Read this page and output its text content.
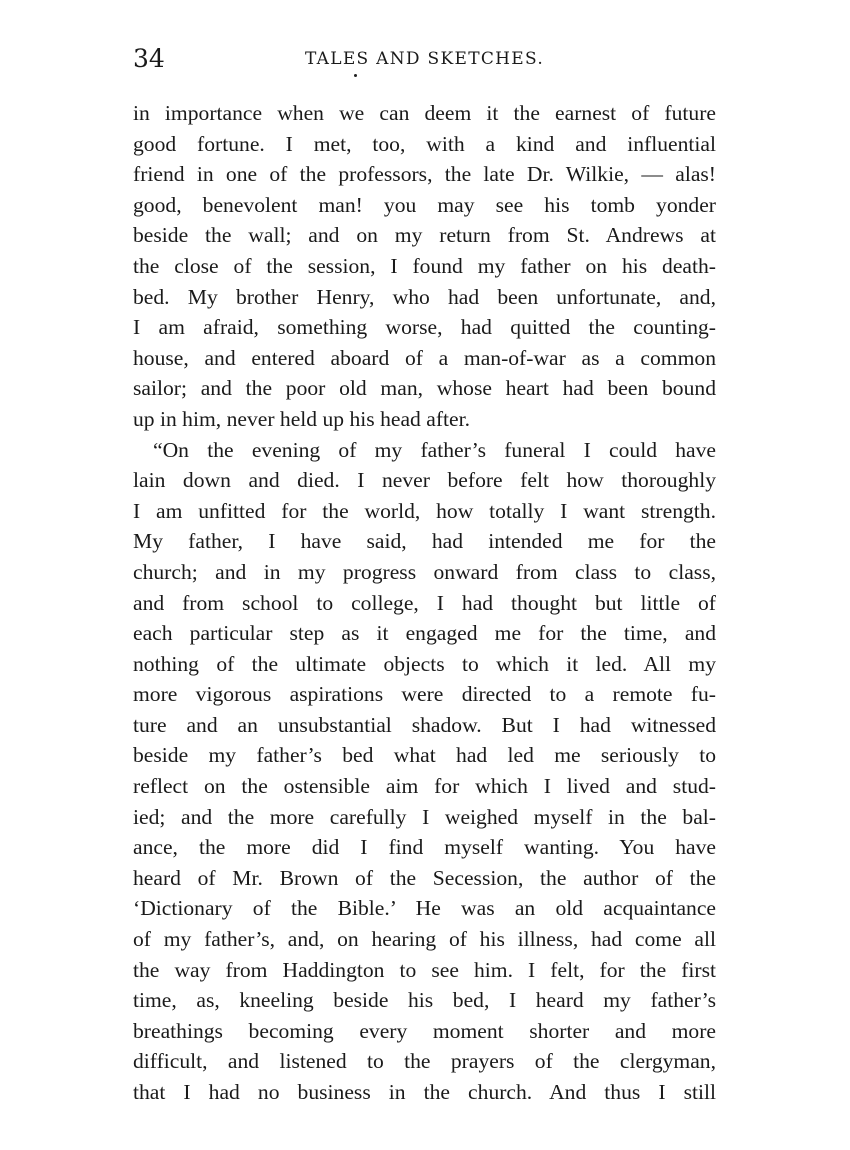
34	TALES AND SKETCHES.
in importance when we can deem it the earnest of future
good fortune. I met, too, with a kind and influential
friend in one of the professors, the late Dr. Wilkie, — alas!
good, benevolent man! you may see his tomb yonder
beside the wall; and on my return from St. Andrews at
the close of the session, I found my father on his death-
bed. My brother Henry, who had been unfortunate, and,
I am afraid, something worse, had quitted the counting-
house, and entered aboard of a man-of-war as a common
sailor; and the poor old man, whose heart had been bound
up in him, never held up his head after.
“On the evening of my father’s funeral I could have
lain down and died. I never before felt how thoroughly
I am unfitted for the world, how totally I want strength.
My father, I have said, had intended me for the
church; and in my progress onward from class to class,
and from school to college, I had thought but little of
each particular step as it engaged me for the time, and
nothing of the ultimate objects to which it led. All my
more vigorous aspirations were directed to a remote fu-
ture and an unsubstantial shadow. But I had witnessed
beside my father’s bed what had led me seriously to
reflect on the ostensible aim for which I lived and stud-
ied; and the more carefully I weighed myself in the bal-
ance, the more did I find myself wanting. You have
heard of Mr. Brown of the Secession, the author of the
‘Dictionary of the Bible.’ He was an old acquaintance
of my father’s, and, on hearing of his illness, had come all
the way from Haddington to see him. I felt, for the first
time, as, kneeling beside his bed, I heard my father’s
breathings becoming every moment shorter and more
difficult, and listened to the prayers of the clergyman,
that I had no business in the church. And thus I still
